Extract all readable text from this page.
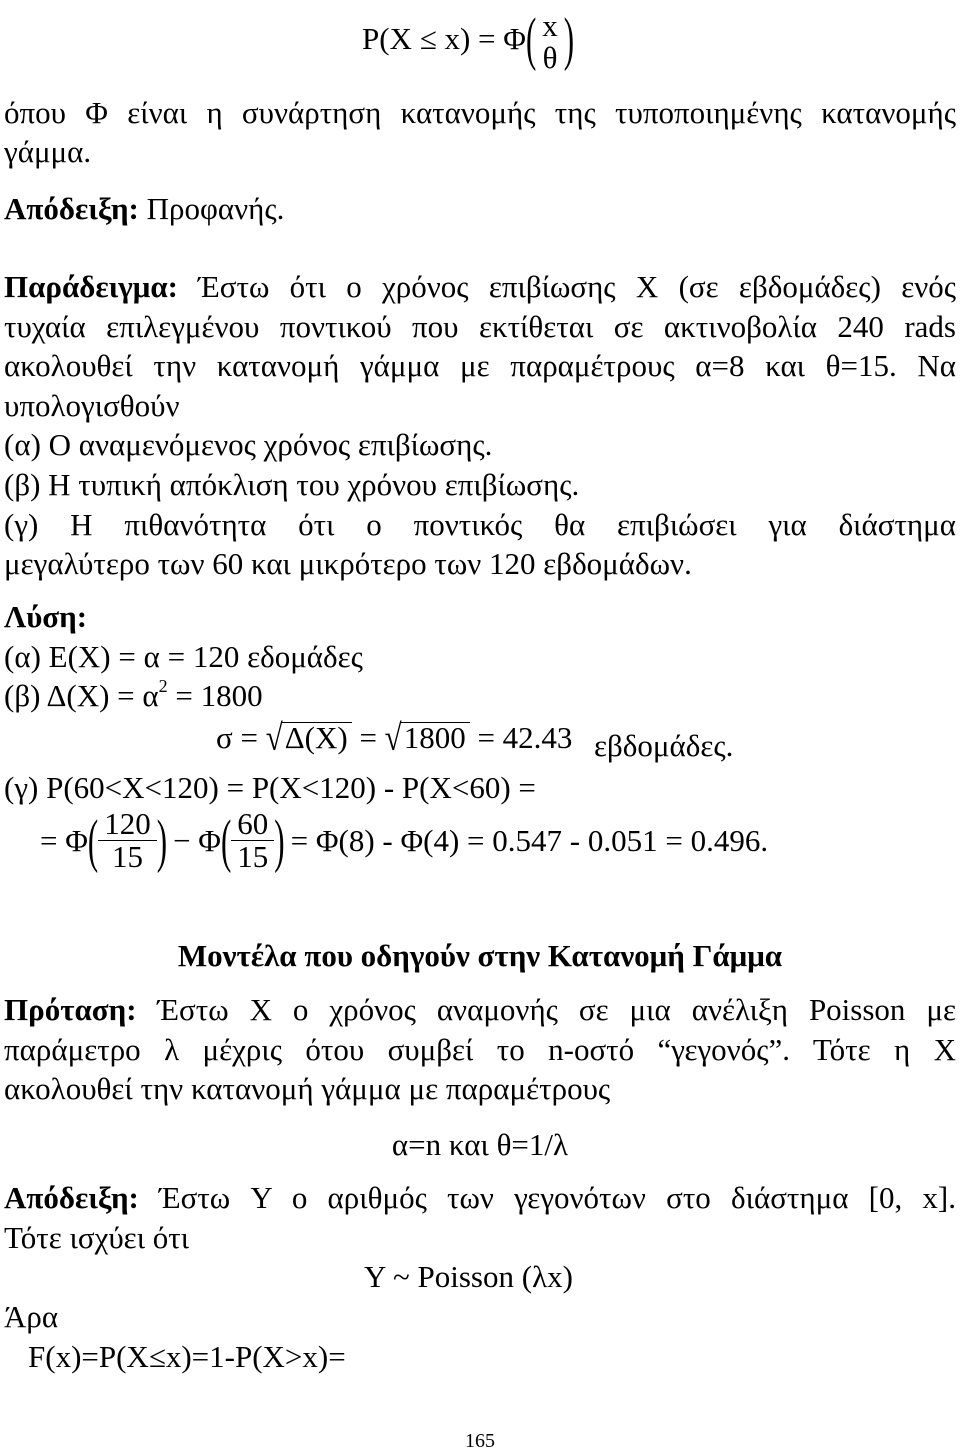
P(X ≤ x) = Φ( x
θ )
όπου Φ είναι η συνάρτηση κατανομής της τυποποιημένης κατανομής
γάμμα.
Απόδειξη: Προφανής.
Παράδειγμα: Έστω ότι ο χρόνος επιβίωσης Χ (σε εβδομάδες) ενός
τυχαία επιλεγμένου ποντικού που εκτίθεται σε ακτινοβολία 240 rads
ακολουθεί την κατανομή γάμμα με παραμέτρους α=8 και θ=15. Να
υπολογισθούν
(α) Ο αναμενόμενος χρόνος επιβίωσης.
(β) Η τυπική απόκλιση του χρόνου επιβίωσης.
(γ) Η πιθανότητα ότι ο ποντικός θα επιβιώσει για διάστημα
μεγαλύτερο των 60 και μικρότερο των 120 εβδομάδων.
Λύση:
(α) Ε(Χ) = α = 120 εδομάδες
(β) $\Delta(X) = \alpha^2 = 1800$
σ = √Δ(Χ) = √1800 = 42.43 εβδομάδες.
(γ) P(60<X<120) = P(X<120) - P(X<60) =
= Φ ( $\frac{120}{15}$ ) − Φ ( $\frac{60}{15}$ ) = Φ(8) - Φ(4) = 0.547 - 0.051 = 0.496.
Μοντέλα που οδηγούν στην Κατανομή Γάμμα
Πρόταση: Έστω Χ ο χρόνος αναμονής σε μια ανέλιξη Poisson με
παράμετρο λ μέχρις ότου συμβεί το n-οστό “γεγονός”. Τότε η Χ
ακολουθεί την κατανομή γάμμα με παραμέτρους
α=n και θ=1/λ
Απόδειξη: Έστω Y ο αριθμός των γεγονότων στο διάστημα [0, x].
Τότε ισχύει ότι
Y ~ Poisson (λx)
Άρα
F(x)=P(X≤x)=1-P(X>x)=
165
